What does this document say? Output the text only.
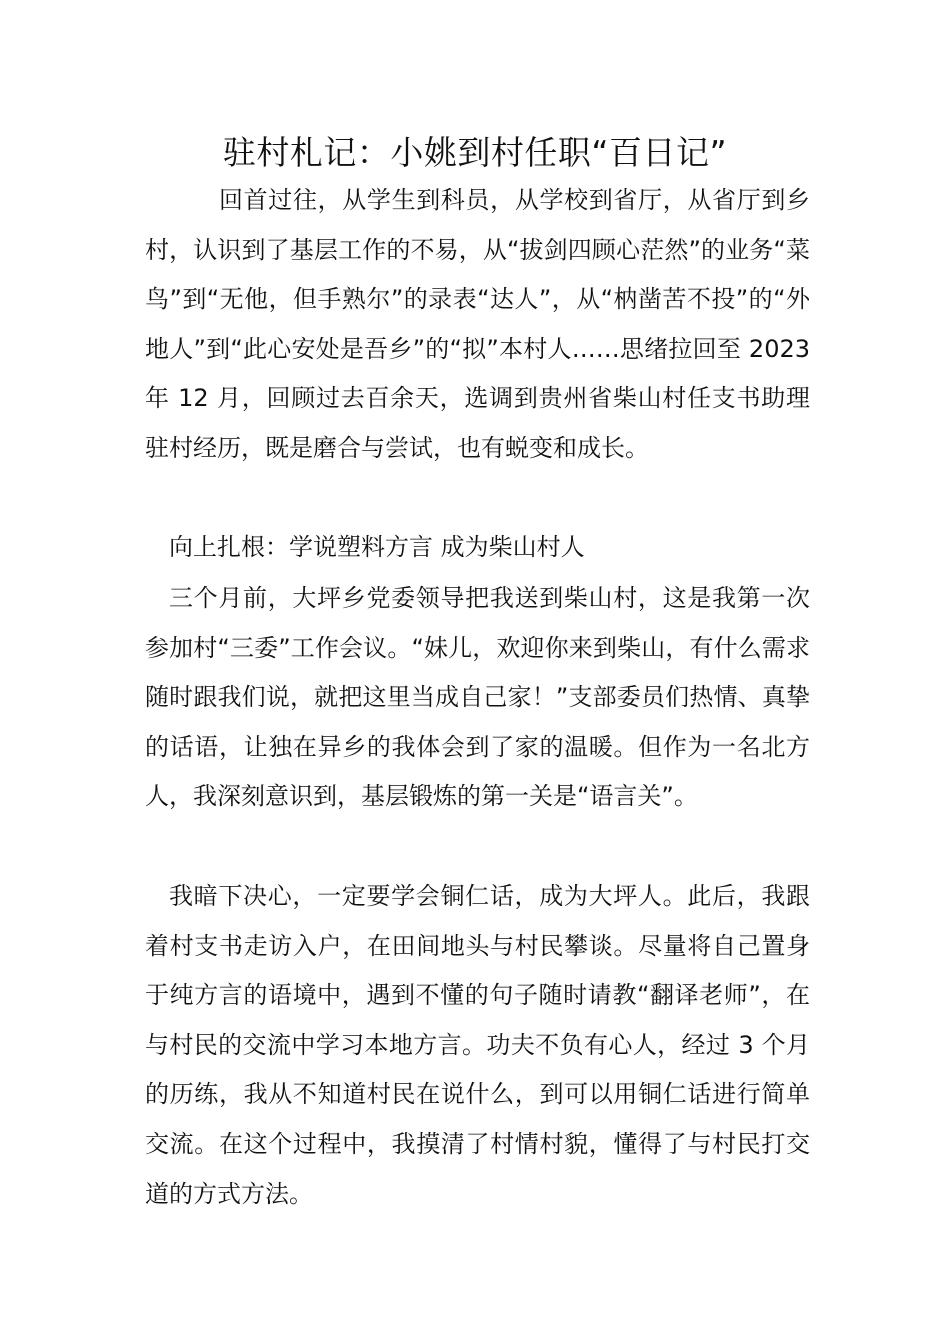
驻村札记：小姚到村任职“百日记”

回首过往，从学生到科员，从学校到省厅，从省厅到乡村，认识到了基层工作的不易，从“拔剑四顾心茫然”的业务“菜鸟”到“无他，但手熟尔”的录表“达人”，从“枘凿苦不投”的“外地人”到“此心安处是吾乡”的“拟”本村人……思绪拉回至 2023 年 12 月，回顾过去百余天，选调到贵州省柴山村任支书助理驻村经历，既是磨合与尝试，也有蜕变和成长。

向上扎根：学说塑料方言 成为柴山村人

三个月前，大坪乡党委领导把我送到柴山村，这是我第一次参加村“三委”工作会议。“妹儿，欢迎你来到柴山，有什么需求随时跟我们说，就把这里当成自己家！”支部委员们热情、真挚的话语，让独在异乡的我体会到了家的温暖。但作为一名北方人，我深刻意识到，基层锻炼的第一关是“语言关”。

我暗下决心，一定要学会铜仁话，成为大坪人。此后，我跟着村支书走访入户，在田间地头与村民攀谈。尽量将自己置身于纯方言的语境中，遇到不懂的句子随时请教“翻译老师”，在与村民的交流中学习本地方言。功夫不负有心人，经过 3 个月的历练，我从不知道村民在说什么，到可以用铜仁话进行简单交流。在这个过程中，我摸清了村情村貌，懂得了与村民打交道的方式方法。
